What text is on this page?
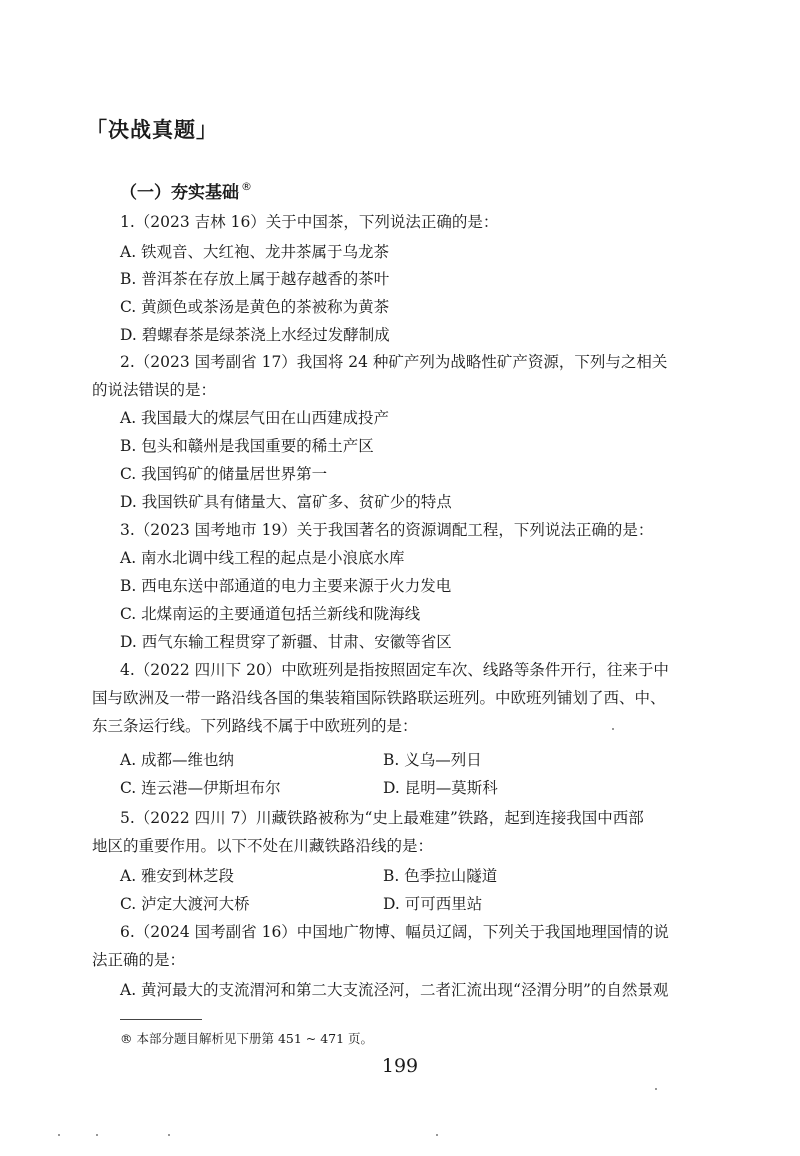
「决战真题」
（一）夯实基础 ®
1.（2023 吉林 16）关于中国茶，下列说法正确的是：
A. 铁观音、大红袍、龙井茶属于乌龙茶
B. 普洱茶在存放上属于越存越香的茶叶
C. 黄颜色或茶汤是黄色的茶被称为黄茶
D. 碧螺春茶是绿茶浇上水经过发酵制成
2.（2023 国考副省 17）我国将 24 种矿产列为战略性矿产资源，下列与之相关
的说法错误的是：
A. 我国最大的煤层气田在山西建成投产
B. 包头和赣州是我国重要的稀土产区
C. 我国钨矿的储量居世界第一
D. 我国铁矿具有储量大、富矿多、贫矿少的特点
3.（2023 国考地市 19）关于我国著名的资源调配工程，下列说法正确的是：
A. 南水北调中线工程的起点是小浪底水库
B. 西电东送中部通道的电力主要来源于火力发电
C. 北煤南运的主要通道包括兰新线和陇海线
D. 西气东输工程贯穿了新疆、甘肃、安徽等省区
4.（2022 四川下 20）中欧班列是指按照固定车次、线路等条件开行，往来于中
国与欧洲及一带一路沿线各国的集装箱国际铁路联运班列。中欧班列铺划了西、中、
东三条运行线。下列路线不属于中欧班列的是：
A. 成都—维也纳	B. 义乌—列日
C. 连云港—伊斯坦布尔	D. 昆明—莫斯科
5.（2022 四川 7）川藏铁路被称为“史上最难建”铁路，起到连接我国中西部
地区的重要作用。以下不处在川藏铁路沿线的是：
A. 雅安到林芝段	B. 色季拉山隧道
C. 泸定大渡河大桥	D. 可可西里站
6.（2024 国考副省 16）中国地广物博、幅员辽阔，下列关于我国地理国情的说
法正确的是：
A. 黄河最大的支流渭河和第二大支流泾河，二者汇流出现“泾渭分明”的自然景观
® 本部分题目解析见下册第 451 ~ 471 页。
199
